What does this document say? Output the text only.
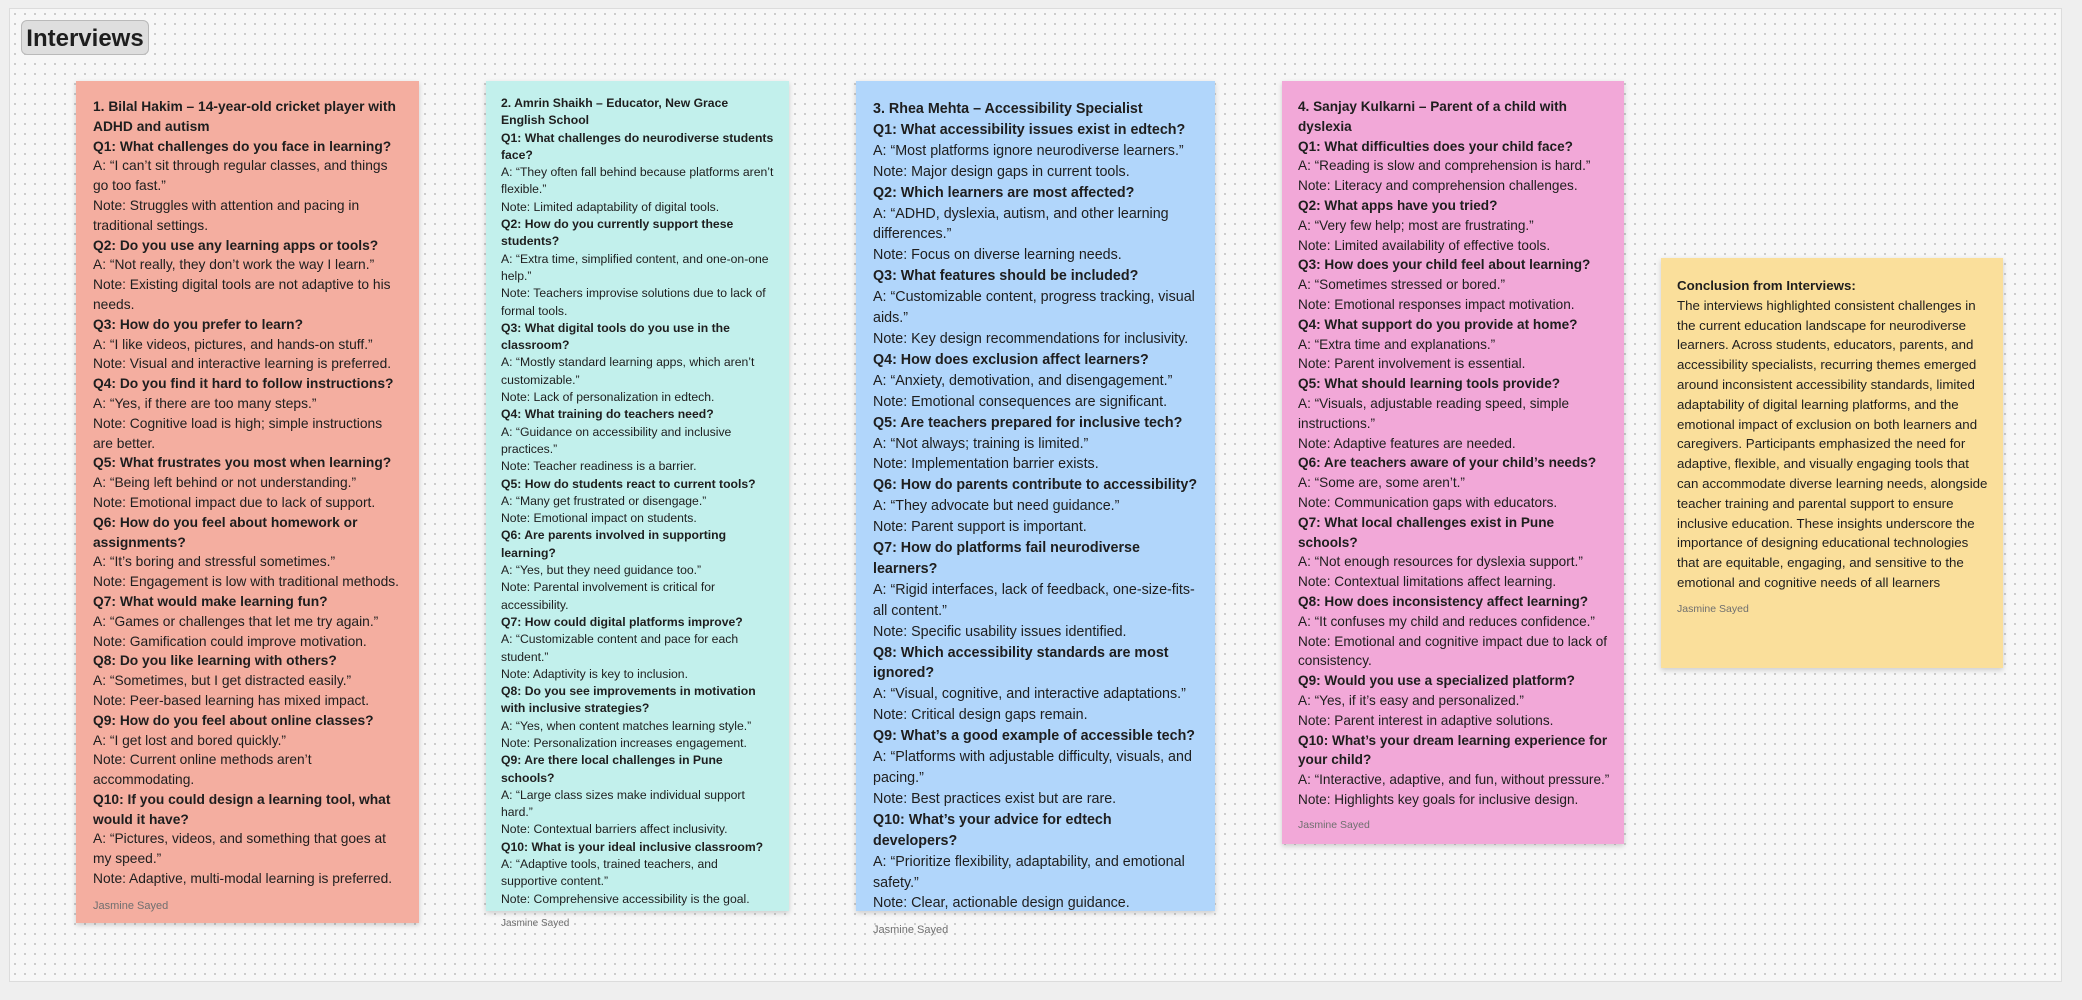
Interviews
1. Bilal Hakim – 14-year-old cricket player with ADHD and autism
Q1: What challenges do you face in learning?
A: “I can’t sit through regular classes, and things go too fast.”
Note: Struggles with attention and pacing in traditional settings.
Q2: Do you use any learning apps or tools?
A: “Not really, they don’t work the way I learn.”
Note: Existing digital tools are not adaptive to his needs.
Q3: How do you prefer to learn?
A: “I like videos, pictures, and hands-on stuff.”
Note: Visual and interactive learning is preferred.
Q4: Do you find it hard to follow instructions?
A: “Yes, if there are too many steps.”
Note: Cognitive load is high; simple instructions are better.
Q5: What frustrates you most when learning?
A: “Being left behind or not understanding.”
Note: Emotional impact due to lack of support.
Q6: How do you feel about homework or assignments?
A: “It’s boring and stressful sometimes.”
Note: Engagement is low with traditional methods.
Q7: What would make learning fun?
A: “Games or challenges that let me try again.”
Note: Gamification could improve motivation.
Q8: Do you like learning with others?
A: “Sometimes, but I get distracted easily.”
Note: Peer-based learning has mixed impact.
Q9: How do you feel about online classes?
A: “I get lost and bored quickly.”
Note: Current online methods aren’t accommodating.
Q10: If you could design a learning tool, what would it have?
A: “Pictures, videos, and something that goes at my speed.”
Note: Adaptive, multi-modal learning is preferred.
Jasmine Sayed
2. Amrin Shaikh – Educator, New Grace English School
Q1: What challenges do neurodiverse students face?
A: “They often fall behind because platforms aren’t flexible.”
Note: Limited adaptability of digital tools.
Q2: How do you currently support these students?
A: “Extra time, simplified content, and one-on-one help.”
Note: Teachers improvise solutions due to lack of formal tools.
Q3: What digital tools do you use in the classroom?
A: “Mostly standard learning apps, which aren’t customizable.”
Note: Lack of personalization in edtech.
Q4: What training do teachers need?
A: “Guidance on accessibility and inclusive practices.”
Note: Teacher readiness is a barrier.
Q5: How do students react to current tools?
A: “Many get frustrated or disengage.”
Note: Emotional impact on students.
Q6: Are parents involved in supporting learning?
A: “Yes, but they need guidance too.”
Note: Parental involvement is critical for accessibility.
Q7: How could digital platforms improve?
A: “Customizable content and pace for each student.”
Note: Adaptivity is key to inclusion.
Q8: Do you see improvements in motivation with inclusive strategies?
A: “Yes, when content matches learning style.”
Note: Personalization increases engagement.
Q9: Are there local challenges in Pune schools?
A: “Large class sizes make individual support hard.”
Note: Contextual barriers affect inclusivity.
Q10: What is your ideal inclusive classroom?
A: “Adaptive tools, trained teachers, and supportive content.”
Note: Comprehensive accessibility is the goal.
Jasmine Sayed
3. Rhea Mehta – Accessibility Specialist
Q1: What accessibility issues exist in edtech?
A: “Most platforms ignore neurodiverse learners.”
Note: Major design gaps in current tools.
Q2: Which learners are most affected?
A: “ADHD, dyslexia, autism, and other learning differences.”
Note: Focus on diverse learning needs.
Q3: What features should be included?
A: “Customizable content, progress tracking, visual aids.”
Note: Key design recommendations for inclusivity.
Q4: How does exclusion affect learners?
A: “Anxiety, demotivation, and disengagement.”
Note: Emotional consequences are significant.
Q5: Are teachers prepared for inclusive tech?
A: “Not always; training is limited.”
Note: Implementation barrier exists.
Q6: How do parents contribute to accessibility?
A: “They advocate but need guidance.”
Note: Parent support is important.
Q7: How do platforms fail neurodiverse learners?
A: “Rigid interfaces, lack of feedback, one-size-fits-all content.”
Note: Specific usability issues identified.
Q8: Which accessibility standards are most ignored?
A: “Visual, cognitive, and interactive adaptations.”
Note: Critical design gaps remain.
Q9: What’s a good example of accessible tech?
A: “Platforms with adjustable difficulty, visuals, and pacing.”
Note: Best practices exist but are rare.
Q10: What’s your advice for edtech developers?
A: “Prioritize flexibility, adaptability, and emotional safety.”
Note: Clear, actionable design guidance.
Jasmine Sayed
4. Sanjay Kulkarni – Parent of a child with dyslexia
Q1: What difficulties does your child face?
A: “Reading is slow and comprehension is hard.”
Note: Literacy and comprehension challenges.
Q2: What apps have you tried?
A: “Very few help; most are frustrating.”
Note: Limited availability of effective tools.
Q3: How does your child feel about learning?
A: “Sometimes stressed or bored.”
Note: Emotional responses impact motivation.
Q4: What support do you provide at home?
A: “Extra time and explanations.”
Note: Parent involvement is essential.
Q5: What should learning tools provide?
A: “Visuals, adjustable reading speed, simple instructions.”
Note: Adaptive features are needed.
Q6: Are teachers aware of your child’s needs?
A: “Some are, some aren’t.”
Note: Communication gaps with educators.
Q7: What local challenges exist in Pune schools?
A: “Not enough resources for dyslexia support.”
Note: Contextual limitations affect learning.
Q8: How does inconsistency affect learning?
A: “It confuses my child and reduces confidence.”
Note: Emotional and cognitive impact due to lack of consistency.
Q9: Would you use a specialized platform?
A: “Yes, if it’s easy and personalized.”
Note: Parent interest in adaptive solutions.
Q10: What’s your dream learning experience for your child?
A: “Interactive, adaptive, and fun, without pressure.”
Note: Highlights key goals for inclusive design.
Jasmine Sayed
Conclusion from Interviews:
The interviews highlighted consistent challenges in the current education landscape for neurodiverse learners. Across students, educators, parents, and accessibility specialists, recurring themes emerged around inconsistent accessibility standards, limited adaptability of digital learning platforms, and the emotional impact of exclusion on both learners and caregivers. Participants emphasized the need for adaptive, flexible, and visually engaging tools that can accommodate diverse learning needs, alongside teacher training and parental support to ensure inclusive education. These insights underscore the importance of designing educational technologies that are equitable, engaging, and sensitive to the emotional and cognitive needs of all learners
Jasmine Sayed
